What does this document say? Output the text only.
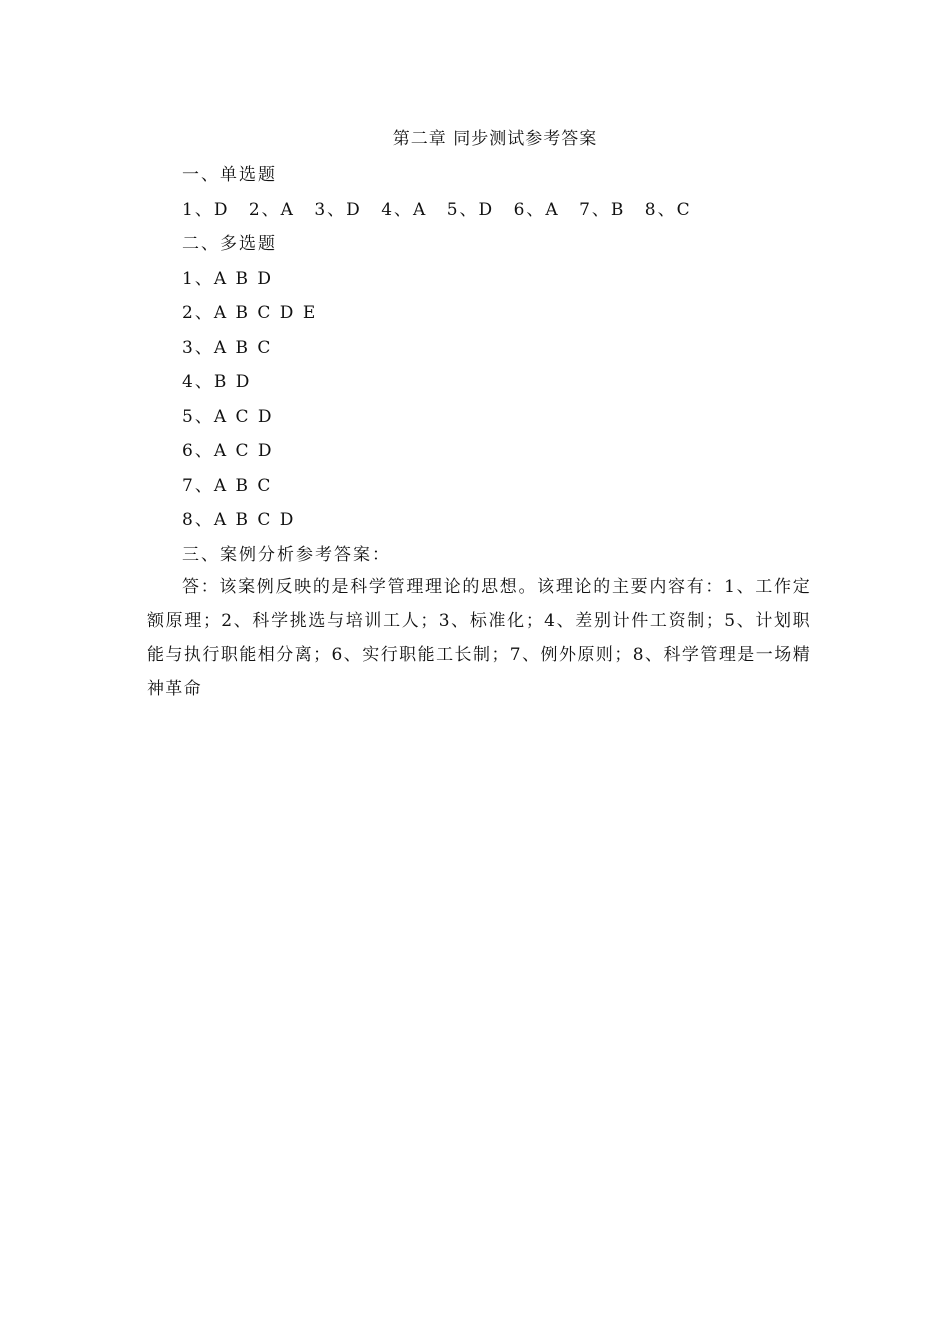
第二章 同步测试参考答案
一、单选题
1、D 2、A 3、D 4、A 5、D 6、A 7、B 8、C
二、多选题
1、A B D
2、A B C D E
3、A B C
4、B D
5、A C D
6、A C D
7、A B C
8、A B C D
三、案例分析参考答案：
答：该案例反映的是科学管理理论的思想。该理论的主要内容有：1、工作定额原理；2、科学挑选与培训工人；3、标准化；4、差别计件工资制；5、计划职能与执行职能相分离；6、实行职能工长制；7、例外原则；8、科学管理是一场精神革命
